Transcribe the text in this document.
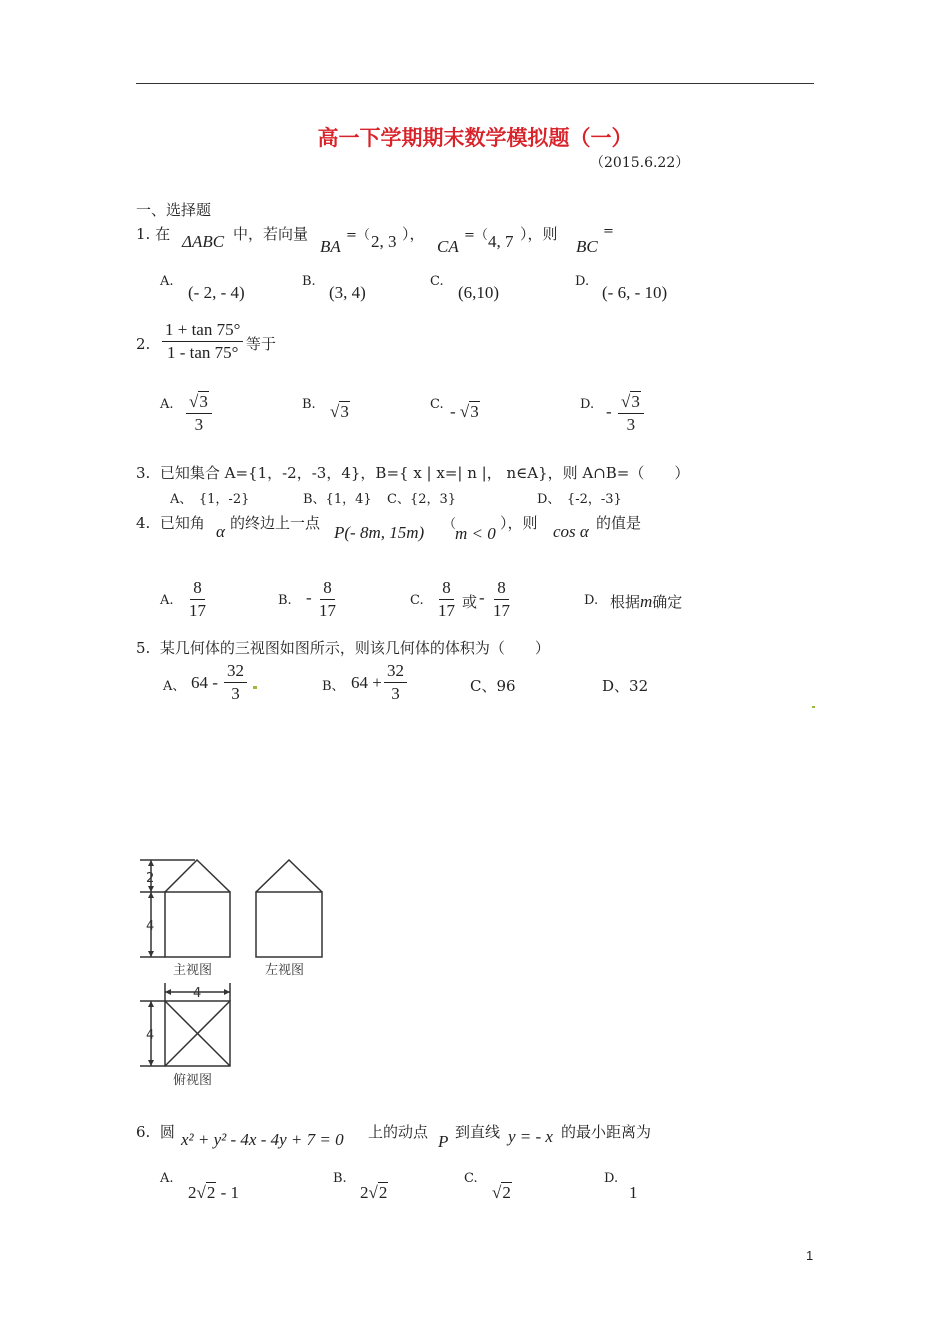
高一下学期期末数学模拟题（一）
（2015.6.22）
一、选择题
1. 在 ΔABC 中，若向量
BA
=（ 2, 3 ），
CA
=（ 4, 7 ），则
BC
=
A.
(- 2, - 4)
B.
(3, 4)
C.
(6,10)
D.
(- 6, - 10)
2. $\frac{1 + \tan 75^\circ}{1 - \tan 75^\circ}$ 等于
A. $\frac{√3}{3}$	B. √3	C. - √3	D. - $\frac{√3}{3}$
3. 已知集合 A={1，-2，-3，4}，B={ x | x=| n |， n∈A}，则 A∩B=（　　）
A、　{1，-2}	B、{1，4} C、{2，3}	D、　{-2，-3}
4. 已知角 α 的终边上一点 P(- 8m, 15m) （
m < 0
），则 cos α 的值是
A. $\frac{8}{17}$	B. - $\frac{8}{17}$	C. $\frac{8}{17}$ 或 - $\frac{8}{17}$	D. 根据m确定
5. 某几何体的三视图如图所示，则该几何体的体积为（　　）
A、 $64 - \frac{32}{3}$	B、 $64 + \frac{32}{3}$	C、96	D、32
2
4
4
4
主视图	左视图
俯视图
6. 圆 x² + y² - 4x - 4y + 7 = 0 上的动点 P 到直线 y = - x 的最小距离为
A.
2√2 - 1
B.
2√2
C.
√2
D.
1
1
